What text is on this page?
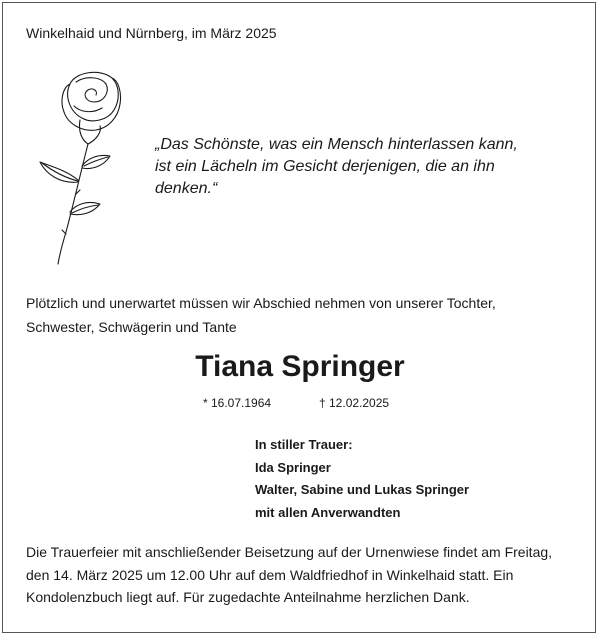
Winkelhaid und Nürnberg, im März 2025
„Das Schönste, was ein Mensch hinterlassen kann,
ist ein Lächeln im Gesicht derjenigen, die an ihn
denken.“
Plötzlich und unerwartet müssen wir Abschied nehmen von unserer Tochter,
Schwester, Schwägerin und Tante
Tiana Springer
* 16.07.1964	† 12.02.2025
In stiller Trauer:
Ida Springer
Walter, Sabine und Lukas Springer
mit allen Anverwandten
Die Trauerfeier mit anschließender Beisetzung auf der Urnenwiese findet am Freitag,
den 14. März 2025 um 12.00 Uhr auf dem Waldfriedhof in Winkelhaid statt. Ein
Kondolenzbuch liegt auf. Für zugedachte Anteilnahme herzlichen Dank.
